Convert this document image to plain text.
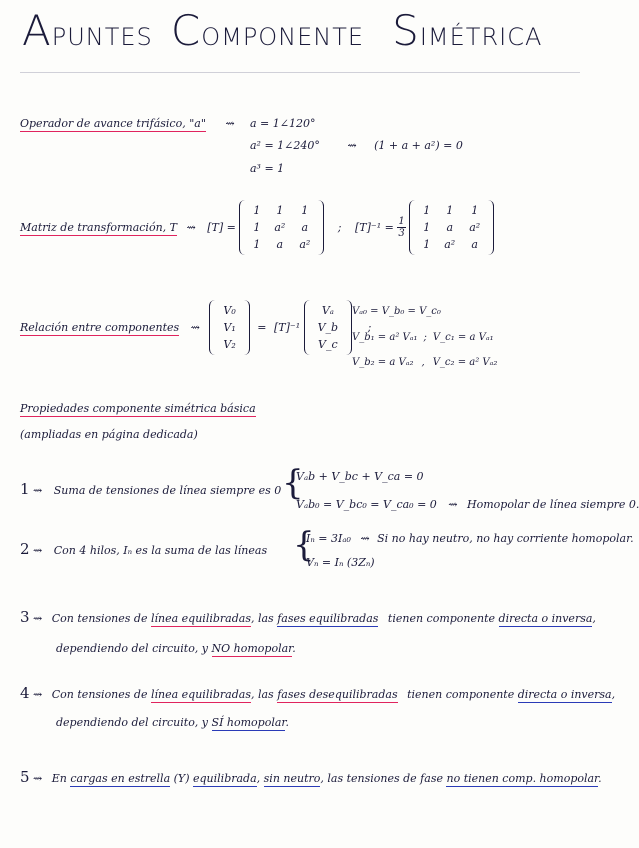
APUNTES COMPONENTE SIMÉTRICA
Operador de avance trifásico, "a" ⇝ a = 1∠120°
a² = 1∠240°	⇝ (1 + a + a²) = 0
a³ = 1
Matriz de transformación, T ⇝ [T] =
1	1	1
1	a²	a
1	a	a²
; $[T]^{-1} = \frac{1}{3}$

1	1	1
1	a	a²
1	a²	a
Relación entre componentes ⇝
V₀
V₁
V₂
= [T]⁻¹
Vₐ
V_b
V_c
;
Vₐ₀ = V_b₀ = V_c₀
V_b₁ = a² Vₐ₁ ; V_c₁ = a Vₐ₁
V_b₂ = a Vₐ₂ , V_c₂ = a² Vₐ₂
Propiedades componente simétrica básica
(ampliadas en página dedicada)
1 ⇝ Suma de tensiones de línea siempre es 0 {
Vₐb + V_bc + V_ca = 0
Vₐb₀ = V_bc₀ = V_ca₀ = 0 ⇝ Homopolar de línea siempre 0.
2 ⇝ Con 4 hilos, Iₙ es la suma de las líneas {
Iₙ = 3Iₐ₀ ⇝ Si no hay neutro, no hay corriente homopolar.
Vₙ = Iₙ (3Zₙ)
3 ⇝ Con tensiones de línea equilibradas, las fases equilibradas tienen componente directa o inversa,
dependiendo del circuito, y NO homopolar.
4 ⇝ Con tensiones de línea equilibradas, las fases desequilibradas tienen componente directa o inversa,
dependiendo del circuito, y SÍ homopolar.
5 ⇝ En cargas en estrella (Y) equilibrada, sin neutro, las tensiones de fase no tienen comp. homopolar.
